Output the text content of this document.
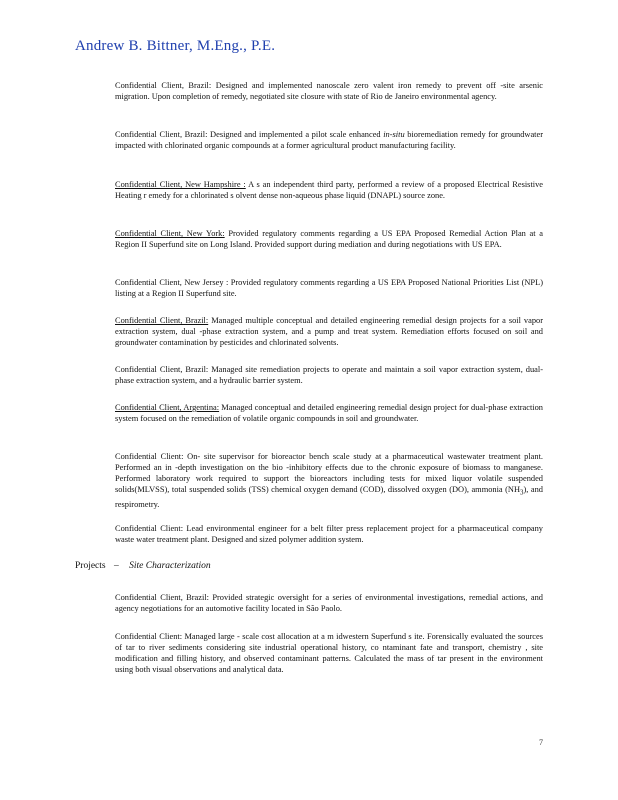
Andrew B. Bittner, M.Eng., P.E.

Confidential Client, Brazil: Designed and implemented nanoscale zero valent iron remedy to prevent off -site arsenic migration. Upon completion of remedy, negotiated site closure with state of Rio de Janeiro environmental agency.

Confidential Client, Brazil: Designed and implemented a pilot scale enhanced in-situ bioremediation remedy for groundwater impacted with chlorinated organic compounds at a former agricultural product manufacturing facility.

Confidential Client, New Hampshire : A s an independent third party, performed a review of a proposed Electrical Resistive Heating r emedy for a chlorinated s olvent dense non-aqueous phase liquid (DNAPL) source zone.

Confidential Client, New York: Provided regulatory comments regarding a US EPA Proposed Remedial Action Plan at a Region II Superfund site on Long Island. Provided support during mediation and during negotiations with US EPA.

Confidential Client, New Jersey : Provided regulatory comments regarding a US EPA Proposed National Priorities List (NPL) listing at a Region II Superfund site.

Confidential Client, Brazil: Managed multiple conceptual and detailed engineering remedial design projects for a soil vapor extraction system, dual -phase extraction system, and a pump and treat system. Remediation efforts focused on soil and groundwater contamination by pesticides and chlorinated solvents.

Confidential Client, Brazil: Managed site remediation projects to operate and maintain a soil vapor extraction system, dual-phase extraction system, and a hydraulic barrier system.

Confidential Client, Argentina: Managed conceptual and detailed engineering remedial design project for dual-phase extraction system focused on the remediation of volatile organic compounds in soil and groundwater.

Confidential Client: On- site supervisor for bioreactor bench scale study at a pharmaceutical wastewater treatment plant. Performed an in -depth investigation on the bio -inhibitory effects due to the chronic exposure of biomass to manganese. Performed laboratory work required to support the bioreactors including tests for mixed liquor volatile suspended solids(MLVSS), total suspended solids (TSS) chemical oxygen demand (COD), dissolved oxygen (DO), ammonia $(NH_3)$, and respirometry.

Confidential Client: Lead environmental engineer for a belt filter press replacement project for a pharmaceutical company waste water treatment plant. Designed and sized polymer addition system.

Projects – Site Characterization

Confidential Client, Brazil: Provided strategic oversight for a series of environmental investigations, remedial actions, and agency negotiations for an automotive facility located in São Paolo.

Confidential Client: Managed large - scale cost allocation at a m idwestern Superfund s ite. Forensically evaluated the sources of tar to river sediments considering site industrial operational history, co ntaminant fate and transport, chemistry , site modification and filling history, and observed contaminant patterns. Calculated the mass of tar present in the environment using both visual observations and analytical data.

7
